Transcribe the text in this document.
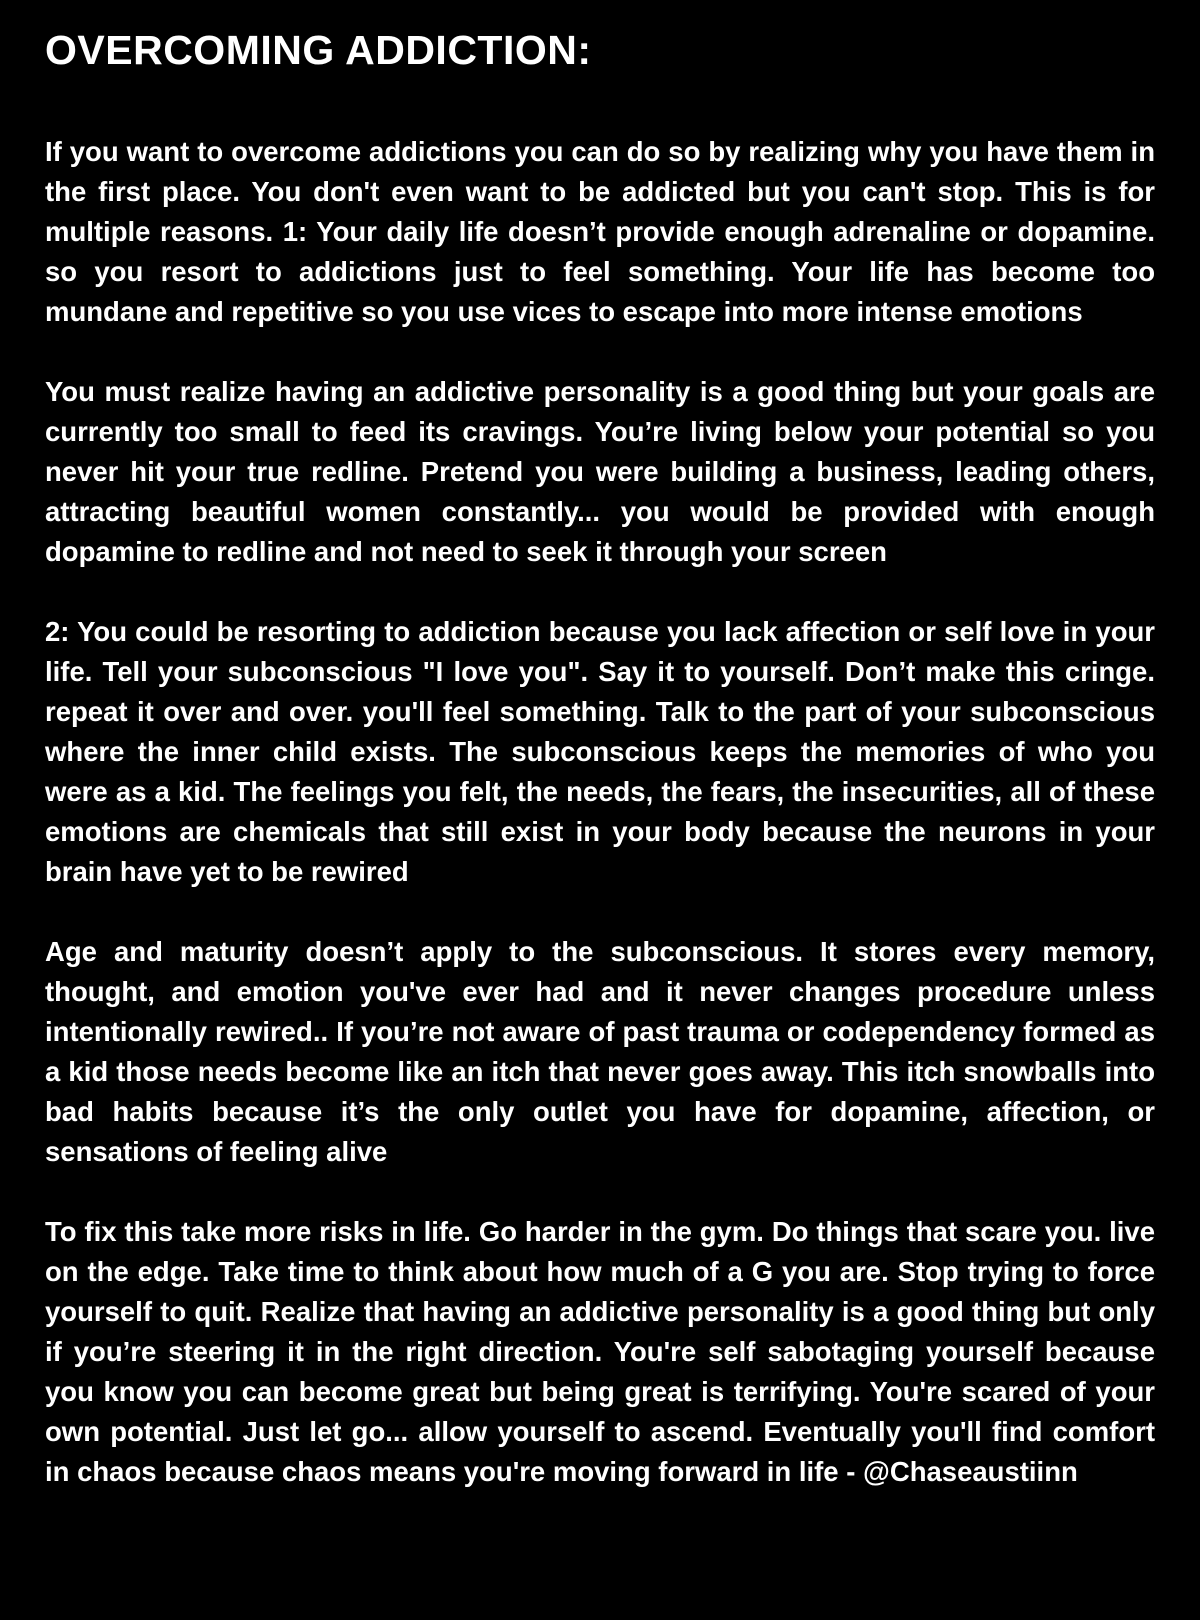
OVERCOMING ADDICTION:

If you want to overcome addictions you can do so by realizing why you have them in the first place. You don't even want to be addicted but you can't stop. This is for multiple reasons. 1: Your daily life doesn’t provide enough adrenaline or dopamine. so you resort to addictions just to feel something. Your life has become too mundane and repetitive so you use vices to escape into more intense emotions

You must realize having an addictive personality is a good thing but your goals are currently too small to feed its cravings. You’re living below your potential so you never hit your true redline. Pretend you were building a business, leading others, attracting beautiful women constantly... you would be provided with enough dopamine to redline and not need to seek it through your screen

2: You could be resorting to addiction because you lack affection or self love in your life. Tell your subconscious "I love you". Say it to yourself. Don’t make this cringe. repeat it over and over. you'll feel something. Talk to the part of your subconscious where the inner child exists. The subconscious keeps the memories of who you were as a kid. The feelings you felt, the needs, the fears, the insecurities, all of these emotions are chemicals that still exist in your body because the neurons in your brain have yet to be rewired

Age and maturity doesn’t apply to the subconscious. It stores every memory, thought, and emotion you've ever had and it never changes procedure unless intentionally rewired.. If you’re not aware of past trauma or codependency formed as a kid those needs become like an itch that never goes away. This itch snowballs into bad habits because it’s the only outlet you have for dopamine, affection, or sensations of feeling alive

To fix this take more risks in life. Go harder in the gym. Do things that scare you. live on the edge. Take time to think about how much of a G you are. Stop trying to force yourself to quit. Realize that having an addictive personality is a good thing but only if you’re steering it in the right direction. You're self sabotaging yourself because you know you can become great but being great is terrifying. You're scared of your own potential. Just let go... allow yourself to ascend. Eventually you'll find comfort in chaos because chaos means you're moving forward in life - @Chaseaustiinn
